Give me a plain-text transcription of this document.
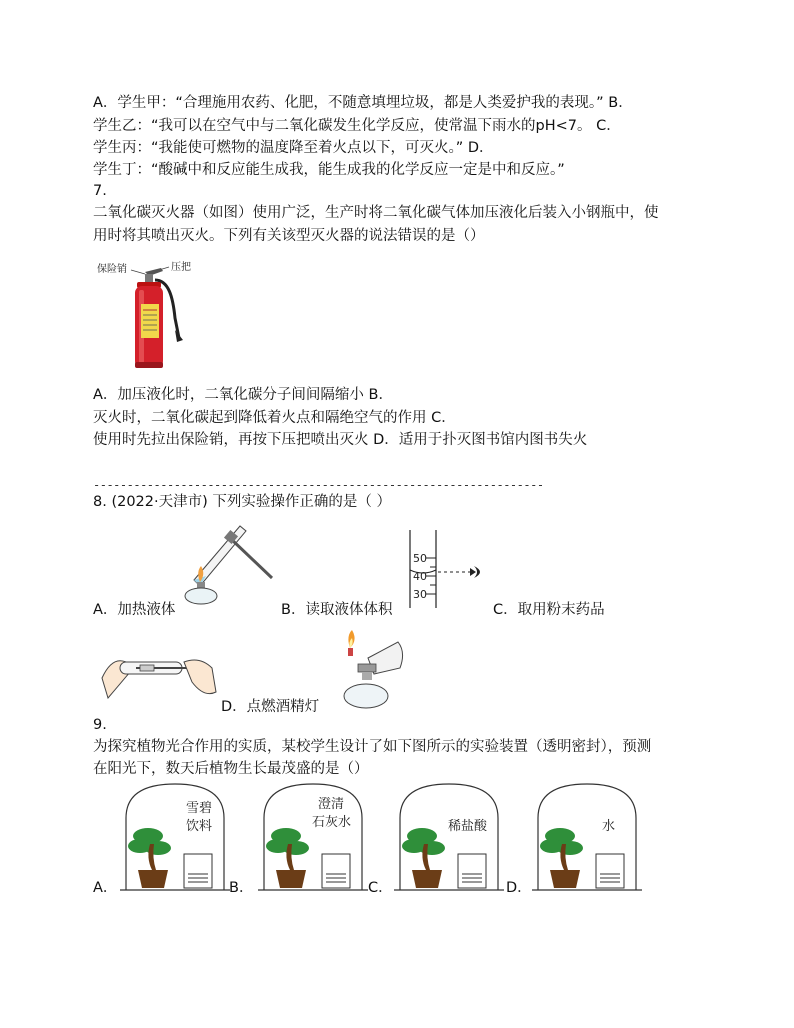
A．学生甲：“合理施用农药、化肥，不随意填埋垃圾，都是人类爱护我的表现。” B．
学生乙：“我可以在空气中与二氧化碳发生化学反应，使常温下雨水的pH<7。 C．
学生丙：“我能使可燃物的温度降至着火点以下，可灭火。” D．
学生丁：“酸碱中和反应能生成我，能生成我的化学反应一定是中和反应。”
7.
二氧化碳灭火器（如图）使用广泛，生产时将二氧化碳气体加压液化后装入小钢瓶中，使
用时将其喷出灭火。下列有关该型灭火器的说法错误的是（）
保险销	压把
A．加压液化时，二氧化碳分子间间隔缩小 B．
灭火时，二氧化碳起到降低着火点和隔绝空气的作用 C．
使用时先拉出保险销，再按下压把喷出灭火 D．适用于扑灭图书馆内图书失火
-------------------------------------------------------------------
8. (2022·天津市) 下列实验操作正确的是（ ）
A．加热液体
50
40
30
B．读取液体体积	C．取用粉末药品
D．点燃酒精灯
9.
为探究植物光合作用的实质，某校学生设计了如下图所示的实验装置（透明密封），预测
在阳光下，数天后植物生长最茂盛的是（）
雪碧
饮料
澄清
石灰水	稀盐酸	水
A．	B．	C．	D．
